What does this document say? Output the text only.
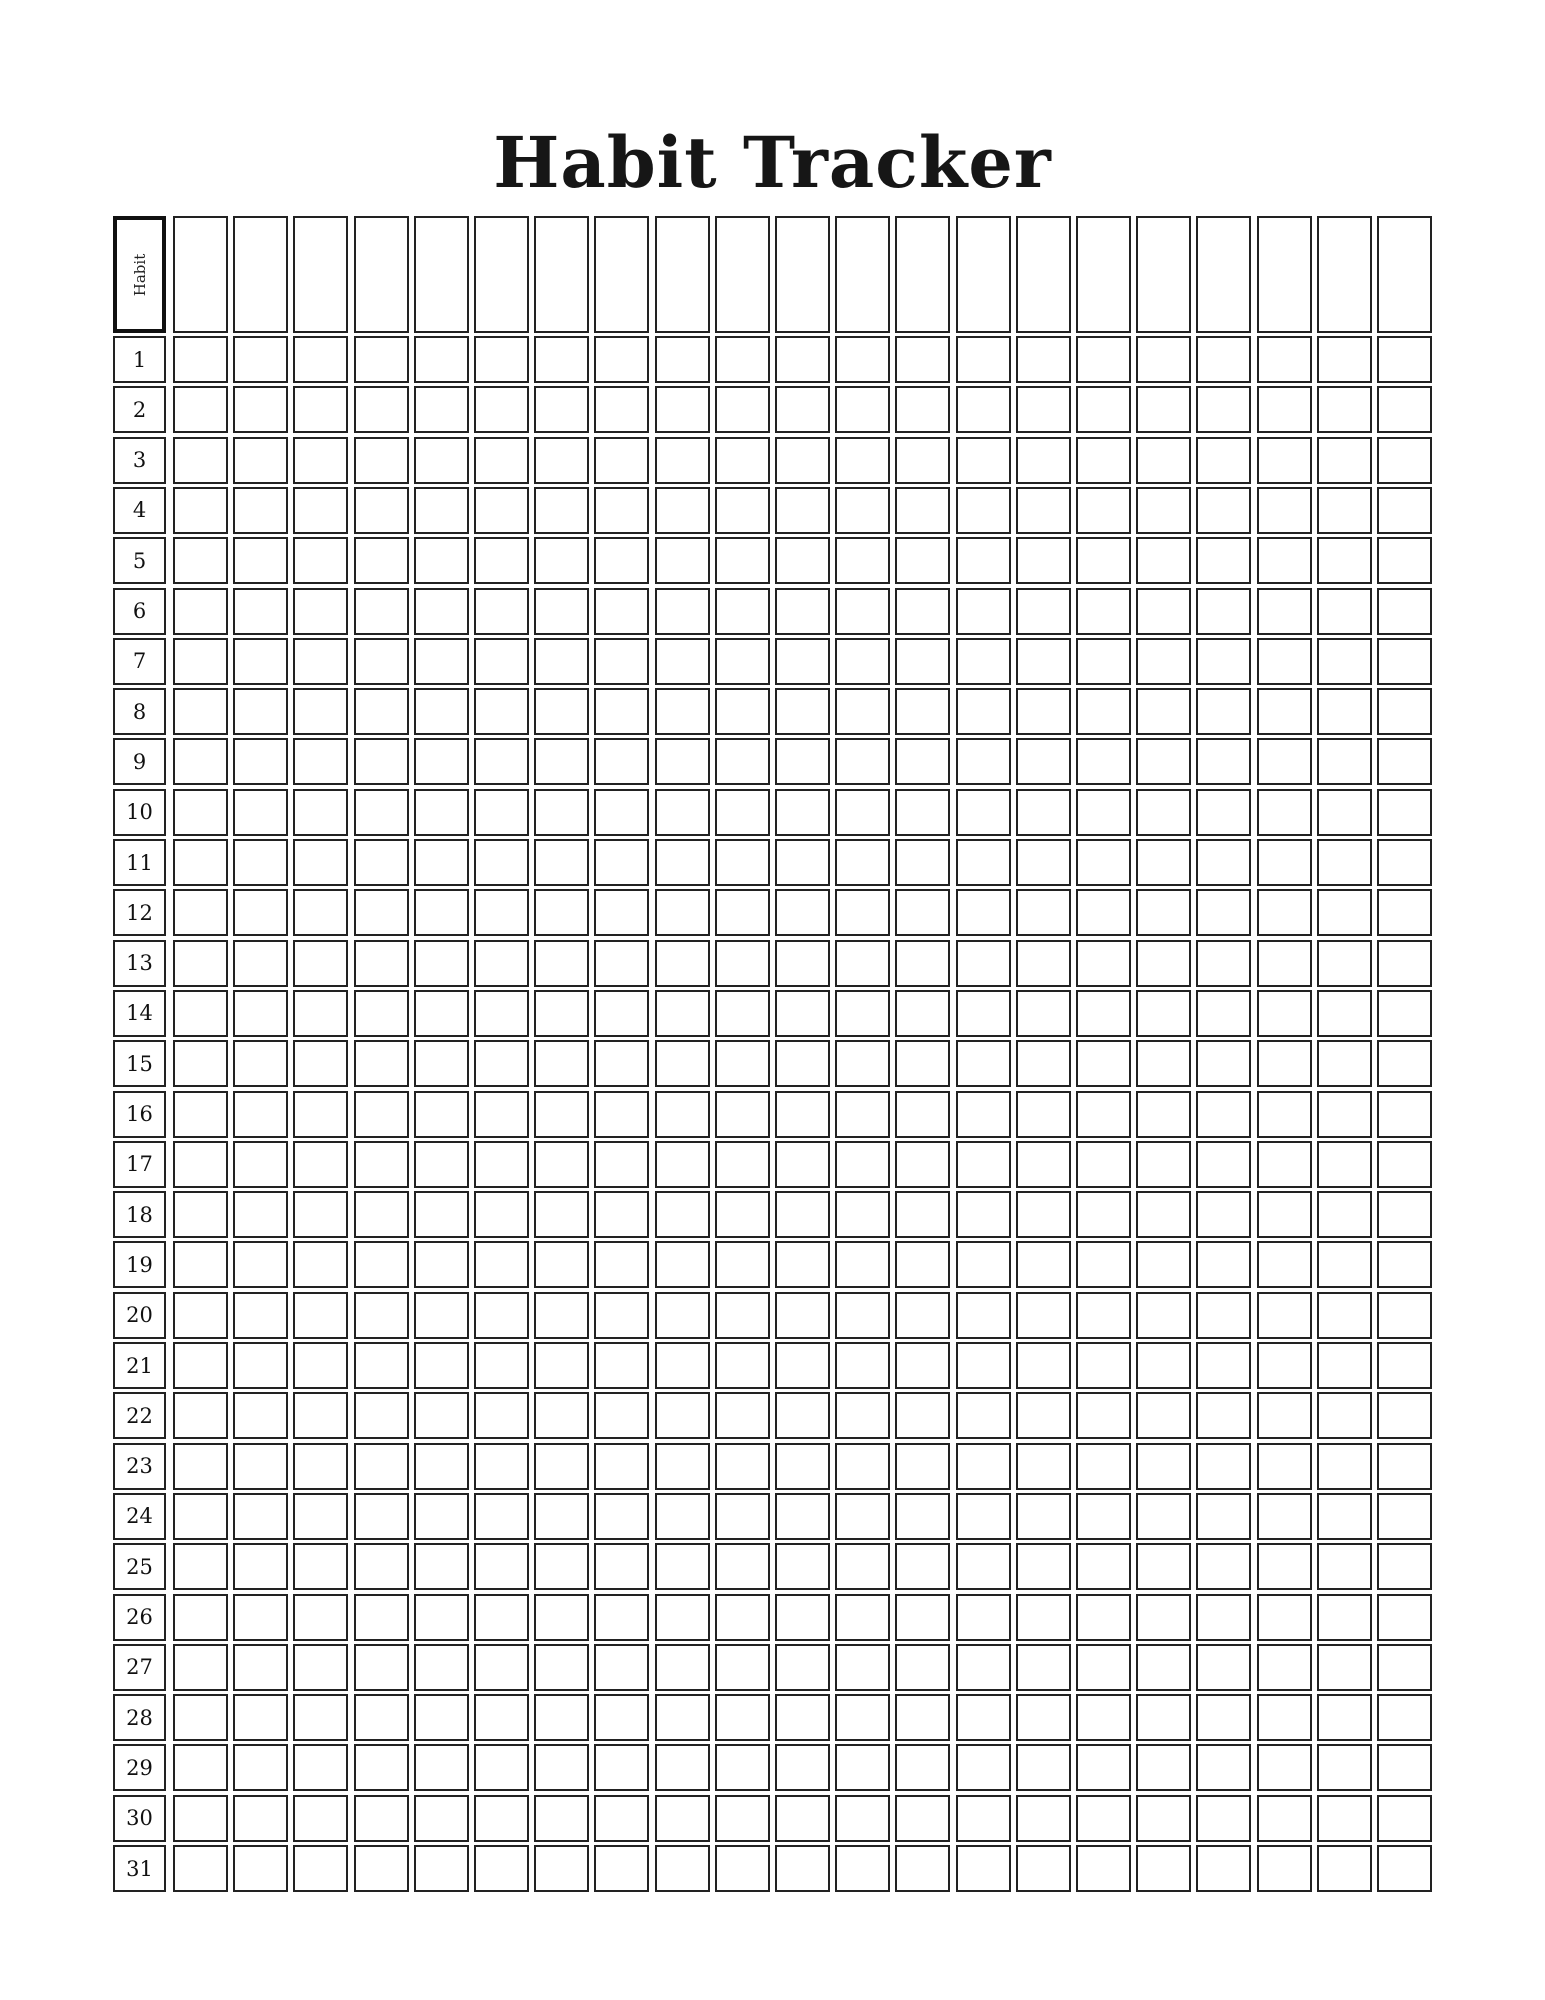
Habit Tracker
Habit
1
2
3
4
5
6
7
8
9
10
11
12
13
14
15
16
17
18
19
20
21
22
23
24
25
26
27
28
29
30
31
